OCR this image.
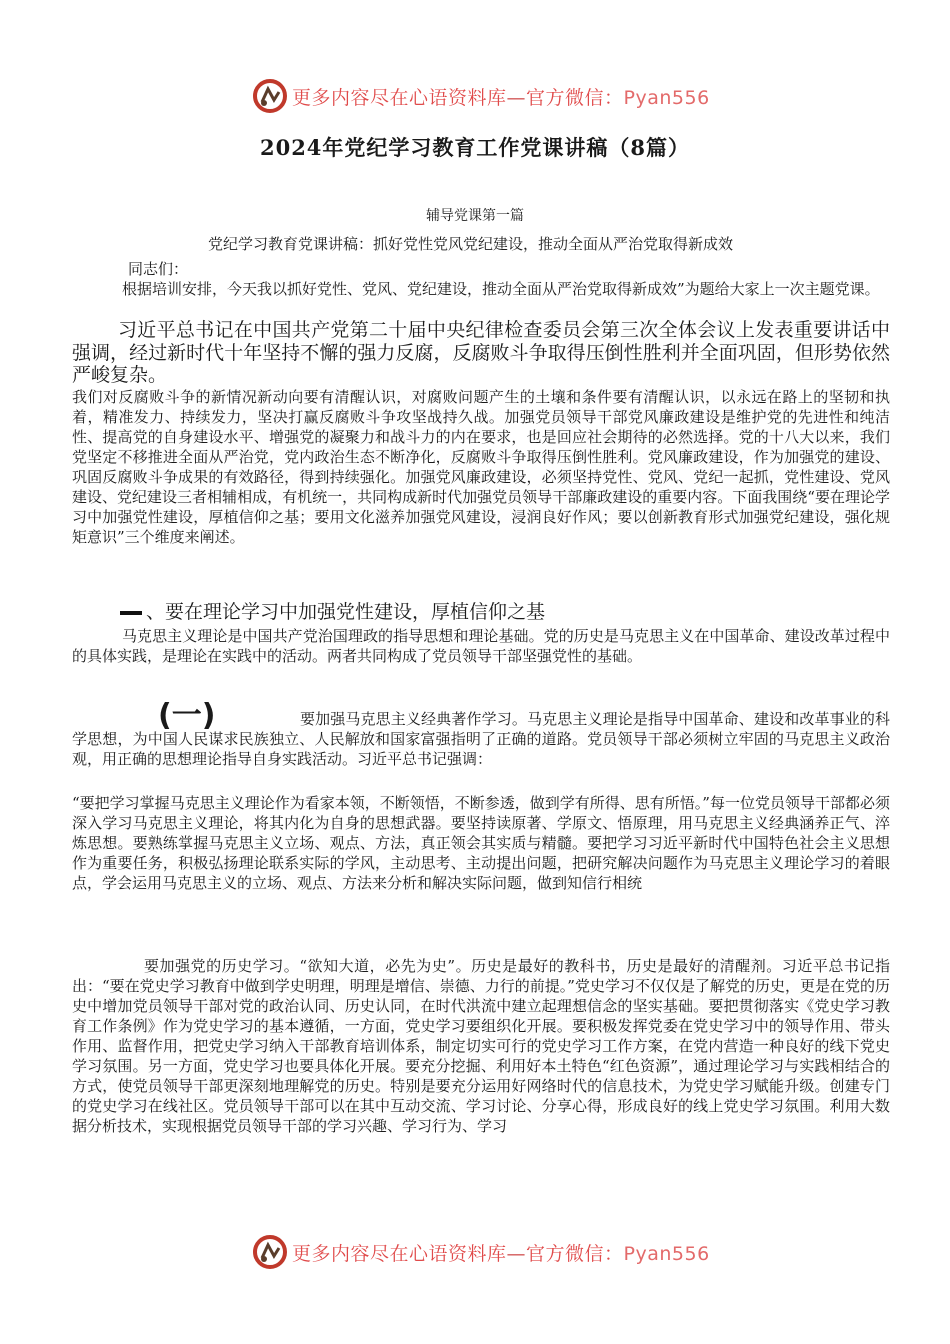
更多内容尽在心语资料库—官方微信：Pyan556
2024年党纪学习教育工作党课讲稿（8篇）
辅导党课第一篇
党纪学习教育党课讲稿：抓好党性党风党纪建设，推动全面从严治党取得新成效
同志们：
根据培训安排，今天我以抓好党性、党风、党纪建设，推动全面从严治党取得新成效”为题给大家上一次主题党课。
习近平总书记在中国共产党第二十届中央纪律检查委员会第三次全体会议上发表重要讲话中强调，经过新时代十年坚持不懈的强力反腐，反腐败斗争取得压倒性胜利并全面巩固，但形势依然严峻复杂。
我们对反腐败斗争的新情况新动向要有清醒认识，对腐败问题产生的土壤和条件要有清醒认识，以永远在路上的坚韧和执着，精准发力、持续发力，坚决打赢反腐败斗争攻坚战持久战。加强党员领导干部党风廉政建设是维护党的先进性和纯洁性、提高党的自身建设水平、增强党的凝聚力和战斗力的内在要求，也是回应社会期待的必然选择。党的十八大以来，我们党坚定不移推进全面从严治党，党内政治生态不断净化，反腐败斗争取得压倒性胜利。党风廉政建设，作为加强党的建设、巩固反腐败斗争成果的有效路径，得到持续强化。加强党风廉政建设，必须坚持党性、党风、党纪一起抓，党性建设、党风建设、党纪建设三者相辅相成，有机统一，共同构成新时代加强党员领导干部廉政建设的重要内容。下面我围绕“要在理论学习中加强党性建设，厚植信仰之基；要用文化滋养加强党风建设，浸润良好作风；要以创新教育形式加强党纪建设，强化规矩意识”三个维度来阐述。
、要在理论学习中加强党性建设，厚植信仰之基
马克思主义理论是中国共产党治国理政的指导思想和理论基础。党的历史是马克思主义在中国革命、建设改革过程中的具体实践，是理论在实践中的活动。两者共同构成了党员领导干部坚强党性的基础。
(一)	要加强马克思主义经典著作学习。马克思主义理论是指导中国革命、建设和改革事业的科学思想，为中国人民谋求民族独立、人民解放和国家富强指明了正确的道路。党员领导干部必须树立牢固的马克思主义政治观，用正确的思想理论指导自身实践活动。习近平总书记强调：
“要把学习掌握马克思主义理论作为看家本领，不断领悟，不断参透，做到学有所得、思有所悟。”每一位党员领导干部都必须深入学习马克思主义理论，将其内化为自身的思想武器。要坚持读原著、学原文、悟原理，用马克思主义经典涵养正气、淬炼思想。要熟练掌握马克思主义立场、观点、方法，真正领会其实质与精髓。要把学习习近平新时代中国特色社会主义思想作为重要任务，积极弘扬理论联系实际的学风，主动思考、主动提出问题，把研究解决问题作为马克思主义理论学习的着眼点，学会运用马克思主义的立场、观点、方法来分析和解决实际问题，做到知信行相统
要加强党的历史学习。“欲知大道，必先为史”。历史是最好的教科书，历史是最好的清醒剂。习近平总书记指出：“要在党史学习教育中做到学史明理，明理是增信、崇德、力行的前提。”党史学习不仅仅是了解党的历史，更是在党的历史中增加党员领导干部对党的政治认同、历史认同，在时代洪流中建立起理想信念的坚实基础。要把贯彻落实《党史学习教育工作条例》作为党史学习的基本遵循，一方面，党史学习要组织化开展。要积极发挥党委在党史学习中的领导作用、带头作用、监督作用，把党史学习纳入干部教育培训体系，制定切实可行的党史学习工作方案，在党内营造一种良好的线下党史学习氛围。另一方面，党史学习也要具体化开展。要充分挖掘、利用好本土特色“红色资源”，通过理论学习与实践相结合的方式，使党员领导干部更深刻地理解党的历史。特别是要充分运用好网络时代的信息技术，为党史学习赋能升级。创建专门的党史学习在线社区。党员领导干部可以在其中互动交流、学习讨论、分享心得，形成良好的线上党史学习氛围。利用大数据分析技术，实现根据党员领导干部的学习兴趣、学习行为、学习
更多内容尽在心语资料库—官方微信：Pyan556
